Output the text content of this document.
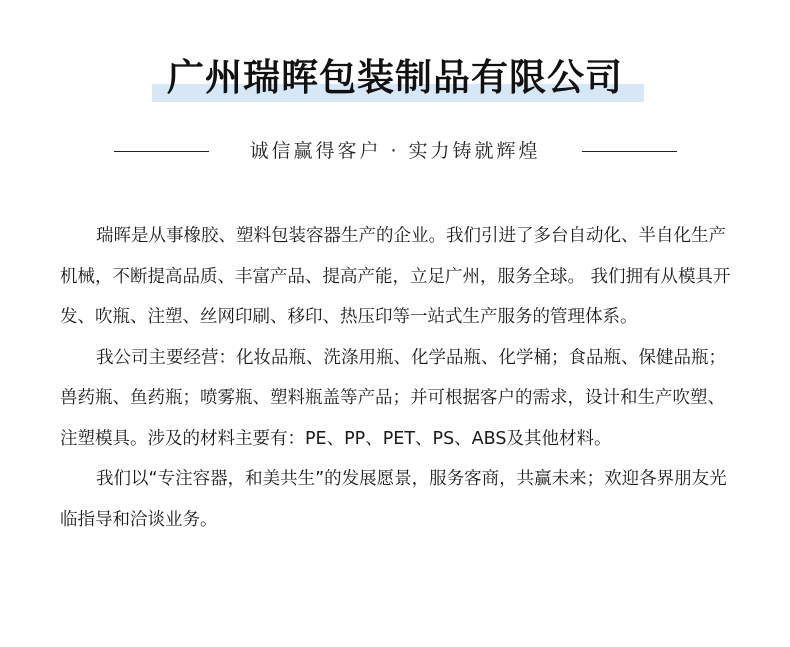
广州瑞晖包装制品有限公司
诚信赢得客户 · 实力铸就辉煌

瑞晖是从事橡胶、塑料包装容器生产的企业。我们引进了多台自动化、半自化生产机械，不断提高品质、丰富产品、提高产能，立足广州，服务全球。 我们拥有从模具开发、吹瓶、注塑、丝网印刷、移印、热压印等一站式生产服务的管理体系。

我公司主要经营：化妆品瓶、洗涤用瓶、化学品瓶、化学桶；食品瓶、保健品瓶；兽药瓶、鱼药瓶；喷雾瓶、塑料瓶盖等产品；并可根据客户的需求，设计和生产吹塑、注塑模具。涉及的材料主要有：PE、PP、PET、PS、ABS及其他材料。

我们以“专注容器，和美共生”的发展愿景，服务客商，共赢未来；欢迎各界朋友光临指导和洽谈业务。
